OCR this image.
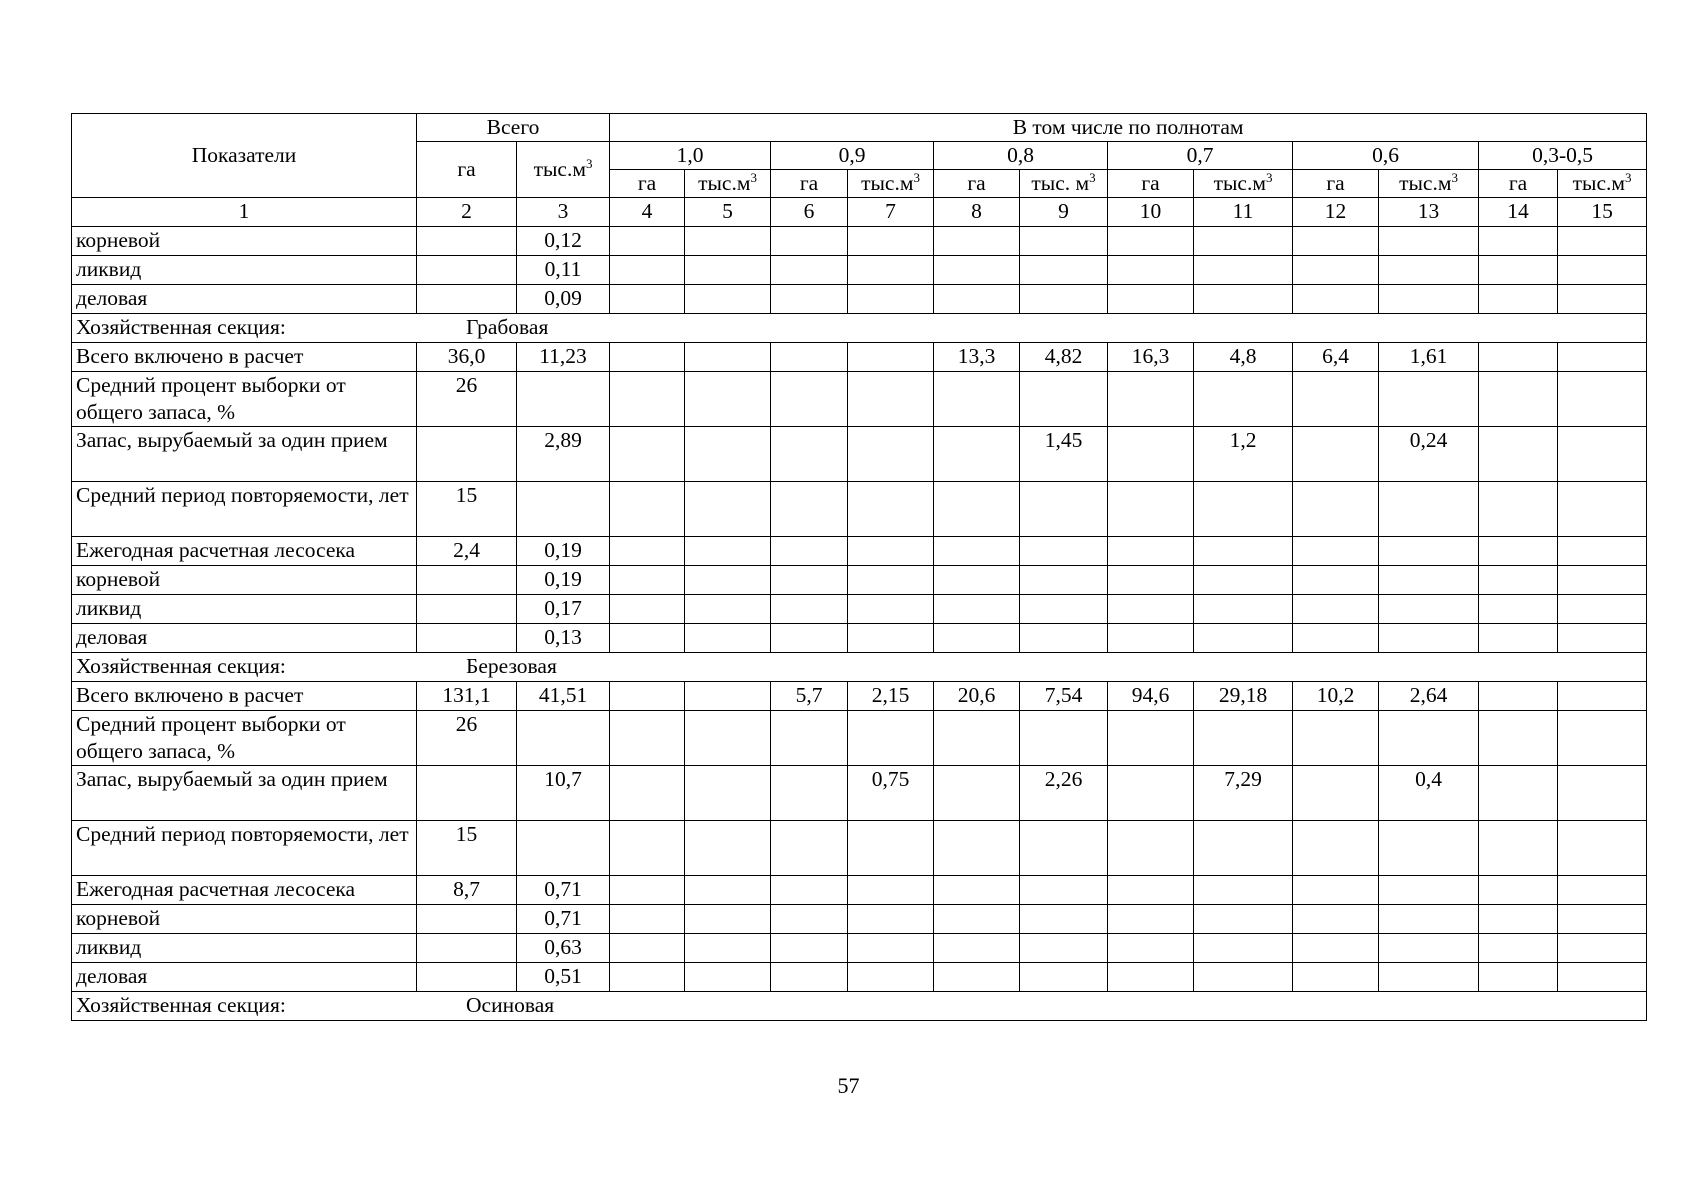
Показатели	Всего		В том числе по полнотам											
	га	$тыс.м^3$	1,0		0,9		0,8		0,7		0,6		0,3-0,5	
			га	$тыс.м^3$	га	$тыс.м^3$	га	тыс. $м^3$	га	$тыс.м^3$	га	$тыс.м^3$	га	$тыс.м^3$
1	2	3	4	5	6	7	8	9	10	11	12	13	14	15
корневой		0,12												
ликвид		0,11												
деловая		0,09												
Хозяйственная секция: Грабовая														
Всего включено в расчет	36,0	11,23					13,3	4,82	16,3	4,8	6,4	1,61		
Средний процент выборки от общего запаса, %	26													
Запас, вырубаемый за один прием		2,89						1,45		1,2		0,24		
Средний период повторяемости, лет	15													
Ежегодная расчетная лесосека	2,4	0,19												
корневой		0,19												
ликвид		0,17												
деловая		0,13												
Хозяйственная секция: Березовая														
Всего включено в расчет	131,1	41,51			5,7	2,15	20,6	7,54	94,6	29,18	10,2	2,64		
Средний процент выборки от общего запаса, %	26													
Запас, вырубаемый за один прием		10,7				0,75		2,26		7,29		0,4		
Средний период повторяемости, лет	15													
Ежегодная расчетная лесосека	8,7	0,71												
корневой		0,71												
ликвид		0,63												
деловая		0,51												
Хозяйственная секция: Осиновая														
57
